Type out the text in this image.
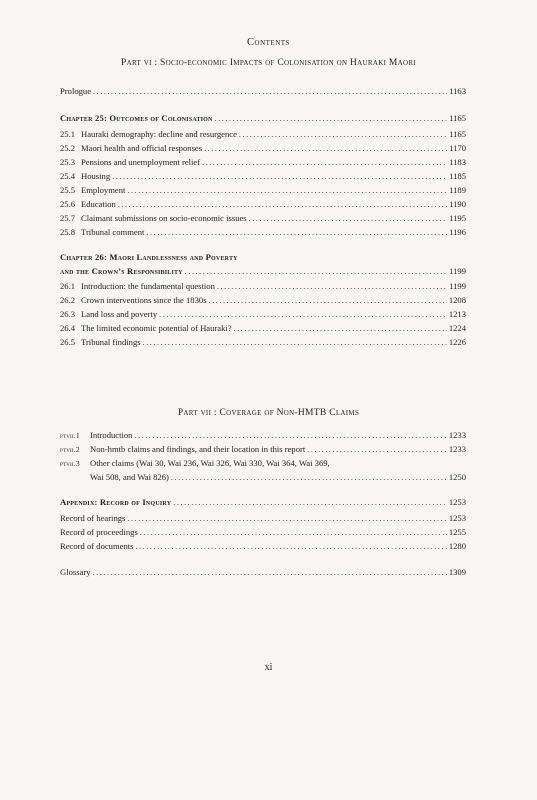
Contents
Part vi : Socio-economic Impacts of Colonisation on Hauraki Maori
Prologue . . .	1163
Chapter 25: Outcomes of Colonisation . . .	1165
25.1 Hauraki demography: decline and resurgence . . .	1165
25.2 Maori health and official responses . . .	1170
25.3 Pensions and unemployment relief . . .	1183
25.4 Housing . . .	1185
25.5 Employment . . .	1189
25.6 Education . . .	1190
25.7 Claimant submissions on socio-economic issues . . .	1195
25.8 Tribunal comment . . .	1196
Chapter 26: Maori Landlessness and Poverty
and the Crown’s Responsibility . . .	1199
26.1 Introduction: the fundamental question . . .	1199
26.2 Crown interventions since the 1830s . . .	1208
26.3 Land loss and poverty . . .	1213
26.4 The limited economic potential of Hauraki? . . .	1224
26.5 Tribunal findings . . .	1226
Part vii : Coverage of Non-HMTB Claims
ptvii.1	Introduction . . .	1233
ptvii.2	Non-hmtb claims and findings, and their location in this report . . .	1233
ptvii.3	Other claims (Wai 30, Wai 236, Wai 326, Wai 330, Wai 364, Wai 369,
Wai 508, and Wai 826) . . .	1250
Appendix: Record of Inquiry . . .	1253
Record of hearings . . .	1253
Record of proceedings . . .	1255
Record of documents . . .	1280
Glossary . . .	1309
xi
